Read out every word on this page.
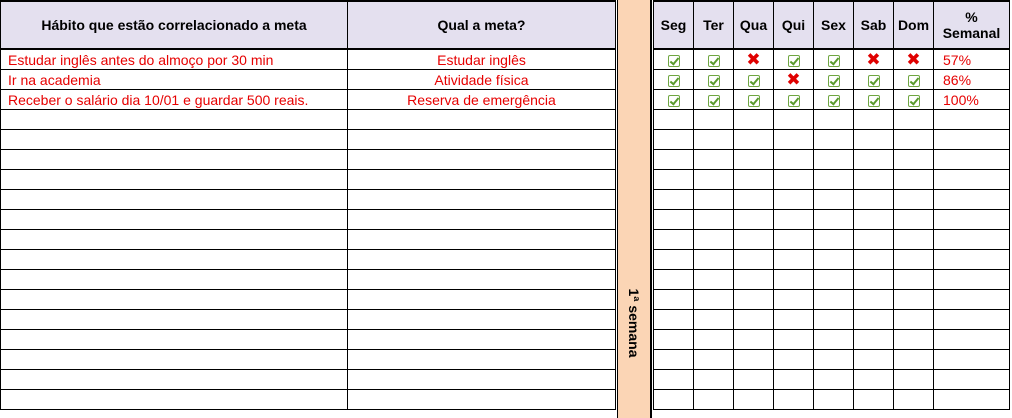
Hábito que estão correlacionado a meta	Qual a meta?
Estudar inglês antes do almoço por 30 min	Estudar inglês
Ir na academia	Atividade física
Receber o salário dia 10/01 e guardar 500 reais.	Reserva de emergência

1ª semana
Seg	Ter	Qua	Qui	Sex	Sab	Dom	%
Semanal
		✖			✖	✖	57%
			✖				86%
							100%
